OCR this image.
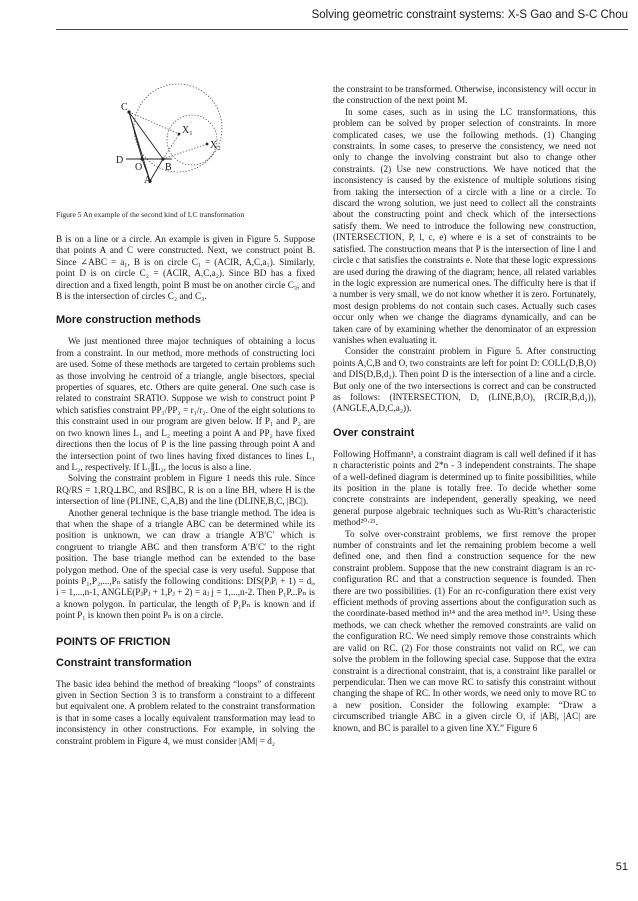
Solving geometric constraint systems: X-S Gao and S-C Chou
C
X₁
X₂
D
O B
A

Figure 5 An example of the second kind of LC transformation

B is on a line or a circle. An example is given in Figure 5. Suppose that points A and C were constructed. Next, we construct point B. Since ∠ABC = a₁, B is on circle C₁ = (ACIR, A,C,a₁). Similarly, point D is on circle C₂ = (ACIR, A,C,a₂). Since BD has a fixed direction and a fixed length, point B must be on another circle C₃, and B is the intersection of circles C₂ and C₃.

More construction methods

We just mentioned three major techniques of obtaining a locus from a constraint. In our method, more methods of constructing loci are used. Some of these methods are targeted to certain problems such as those involving he centroid of a triangle, angle bisectors, special properties of squares, etc. Others are quite general. One such case is related to constraint SRATIO. Suppose we wish to construct point P which satisfies constraint PP₁/PP₂ = r₁/r₂. One of the eight solutions to this constraint used in our program are given below. If P₁ and P₂ are on two known lines L₁ and L₂ meeting a point A and PP₂ have fixed directions then the locus of P is the line passing through point A and the intersection point of two lines having fixed distances to lines L₁ and L₂, respectively. If L₁∥L₂, the locus is also a line.

Solving the constraint problem in Figure 1 needs this rule. Since RQ/RS = 1,RQ⊥BC, and RS∥BC, R is on a line BH, where H is the intersection of line (PLINE, C,A,B) and the line (DLINE,B,C, |BC|).

Another general technique is the base triangle method. The idea is that when the shape of a triangle ABC can be determined while its position is unknown, we can draw a triangle A′B′C′ which is congruent to triangle ABC and then transform A′B′C′ to the right position. The base triangle method can be extended to the base polygon method. One of the special case is very useful. Suppose that points P₁,P₂,...,Pₙ satisfy the following conditions: DIS(PᵢPᵢ + 1) = dᵢ, i = 1,...,n-1, ANGLE(PⱼPⱼ + 1,Pⱼ + 2) = aⱼ j = 1,...,n-2. Then P₁P...Pₙ is a known polygon. In particular, the length of P₁Pₙ is known and if point P₁ is known then point Pₙ is on a circle.

POINTS OF FRICTION

Constraint transformation

The basic idea behind the method of breaking “loops” of constraints given in Section Section 3 is to transform a constraint to a different but equivalent one. A problem related to the constraint transformation is that in some cases a locally equivalent transformation may lead to inconsistency in other constructions. For example, in solving the constraint problem in Figure 4, we must consider |AM| = d₂

the constraint to be transformed. Otherwise, inconsistency will occur in the construction of the next point M.

In some cases, such as in using the LC transformations, this problem can be solved by proper selection of constraints. In more complicated cases, we use the following methods. (1) Changing constraints. In some cases, to preserve the consistency, we need not only to change the involving constraint but also to change other constraints. (2) Use new constructions. We have noticed that the inconsistency is caused by the existence of multiple solutions rising from taking the intersection of a circle with a line or a circle. To discard the wrong solution, we just need to collect all the constraints about the constructing point and check which of the intersections satisfy them. We need to introduce the following new construction, (INTERSECTION, P, l, c, e) where e is a set of constraints to be satisfied. The construction means that P is the intersection of line l and circle c that satisfies the constraints e. Note that these logic expressions are used during the drawing of the diagram; hence, all related variables in the logic expression are numerical ones. The difficulty here is that if a number is very small, we do not know whether it is zero. Fortunately, most design problems do not contain such cases. Actually such cases occur only when we change the diagrams dynamically, and can be taken care of by examining whether the denominator of an expression vanishes when evaluating it.

Consider the constraint problem in Figure 5. After constructing points A,C,B and O, two constraints are left for point D: COLL(D,B,O) and DIS(D,B,d₂). Then point D is the intersection of a line and a circle. But only one of the two intersections is correct and can be constructed as follows: (INTERSECTION, D, (LINE,B,O), (RCIR,B,d₂)), (ANGLE,A,D,C,a₂)).

Over constraint

Following Hoffmann³, a constraint diagram is call well defined if it has n characteristic points and 2*n - 3 independent constraints. The shape of a well-defined diagram is determined up to finite possibilities, while its position in the plane is totally free. To decide whether some concrete constraints are independent, generally speaking, we need general purpose algebraic techniques such as Wu-Ritt’s characteristic method²⁰·²¹.

To solve over-constraint problems, we first remove the proper number of constraints and let the remaining problem become a well defined one, and then find a construction sequence for the new constraint problem. Suppose that the new constraint diagram is an rc-configuration RC and that a construction sequence is founded. Then there are two possibilities. (1) For an rc-configuration there exist very efficient methods of proving assertions about the configuration such as the coordinate-based method in¹⁴ and the area method in¹⁵. Using these methods, we can check whether the removed constraints are valid on the configuration RC. We need simply remove those constraints which are valid on RC. (2) For those constraints not valid on RC, we can solve the problem in the following special case. Suppose that the extra constraint is a directional constraint, that is, a constraint like parallel or perpendicular. Then we can move RC to satisfy this constraint without changing the shape of RC. In other words, we need only to move RC to a new position. Consider the following example: “Draw a circumscribed triangle ABC in a given circle O, if |AB|, |AC| are known, and BC is parallel to a given line XY.” Figure 6

51
